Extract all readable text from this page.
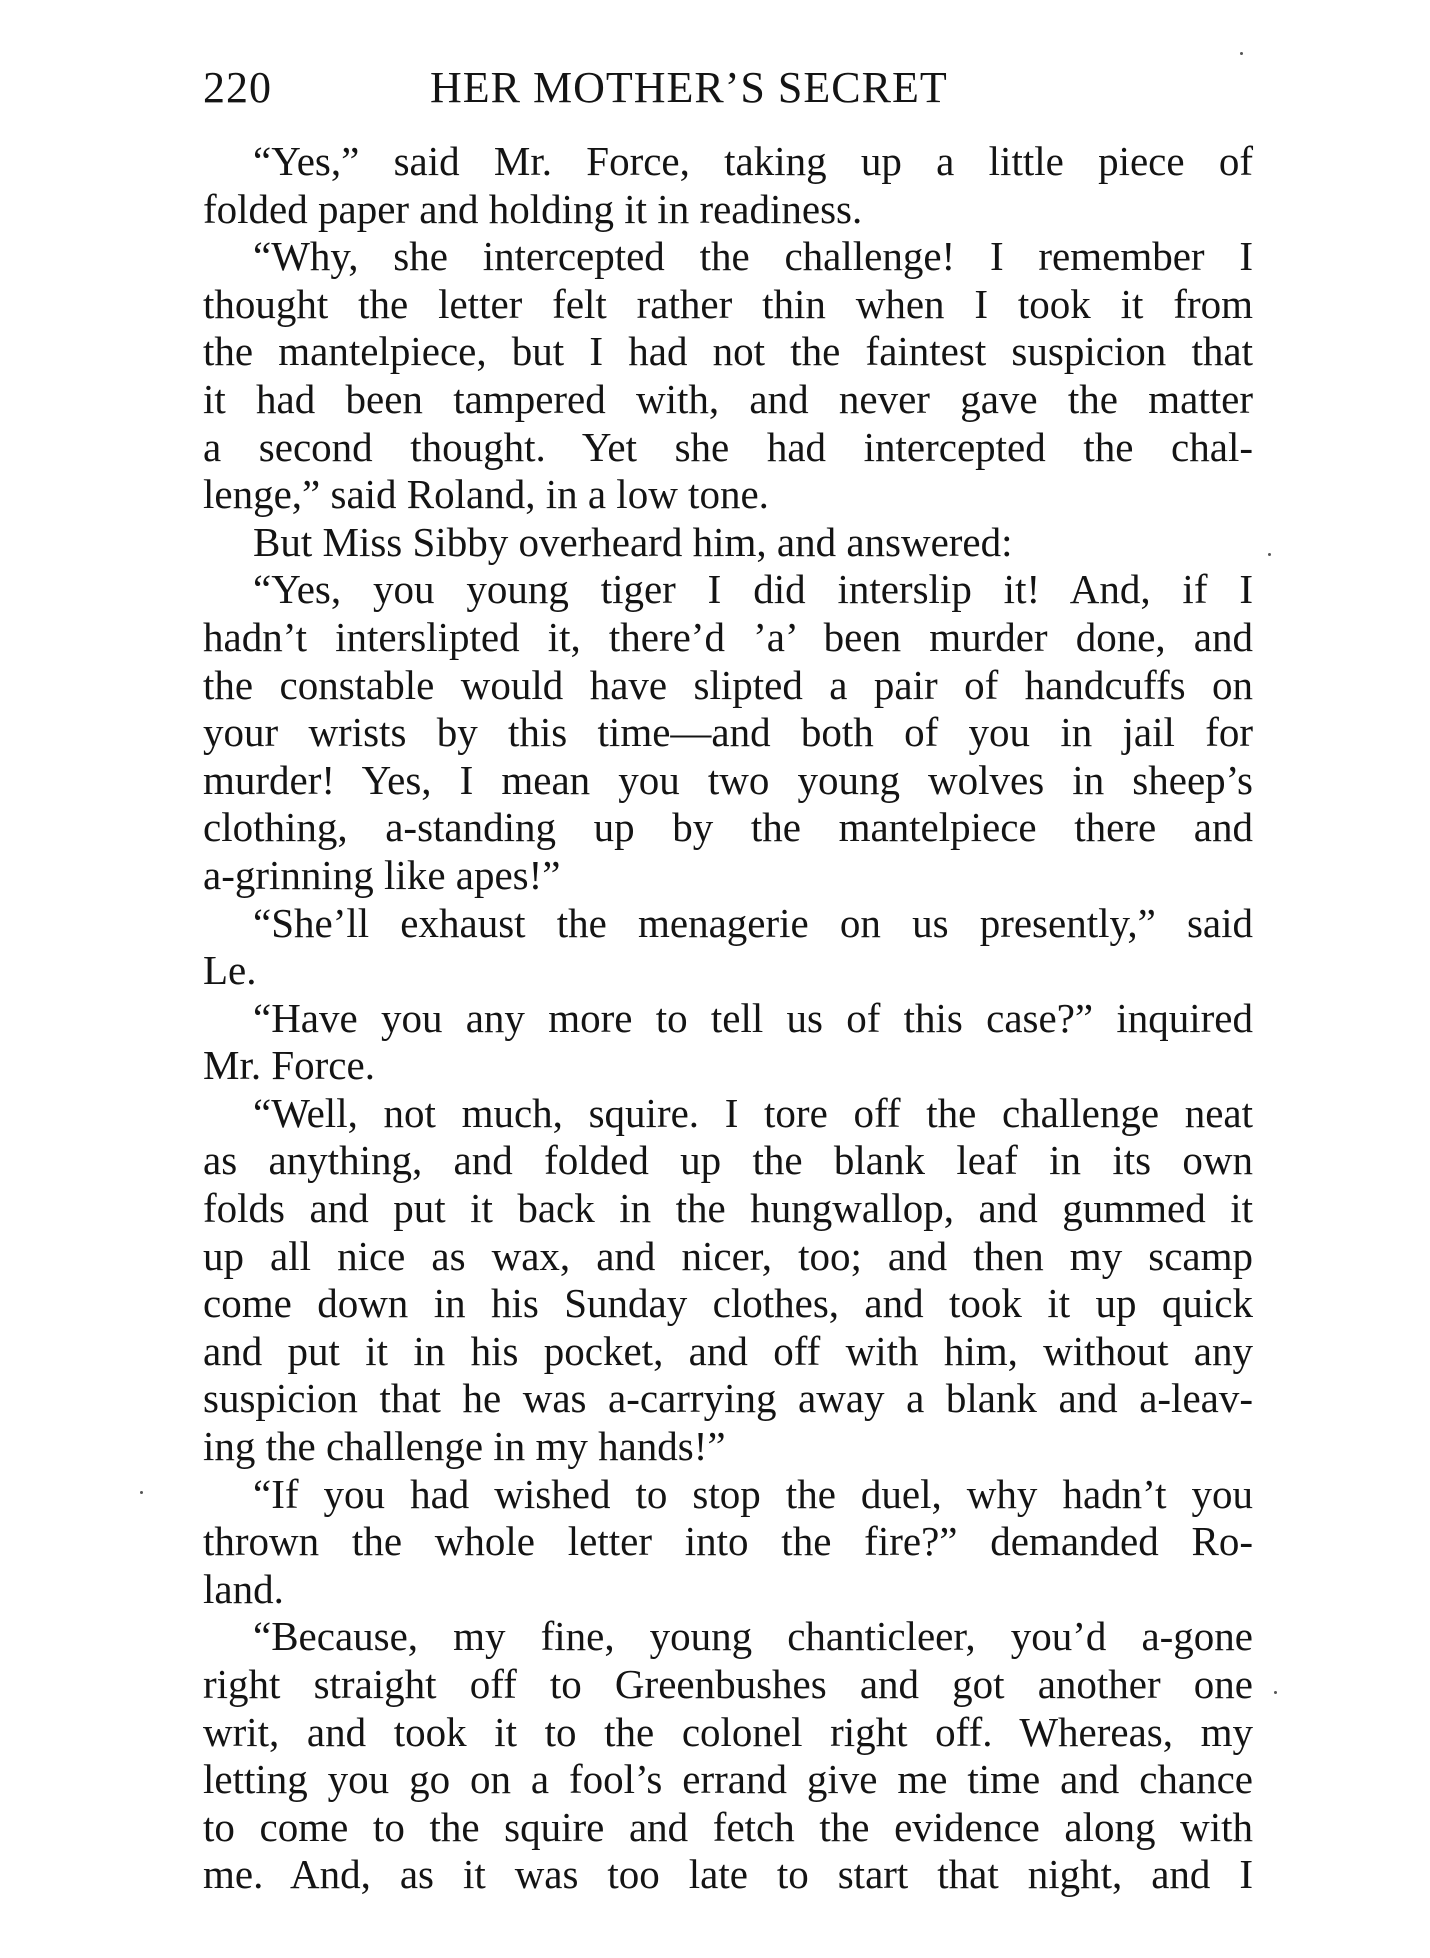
220	HER MOTHER’S SECRET
“Yes,” said Mr. Force, taking up a little piece of
folded paper and holding it in readiness.
“Why, she intercepted the challenge! I remember I
thought the letter felt rather thin when I took it from
the mantelpiece, but I had not the faintest suspicion that
it had been tampered with, and never gave the matter
a second thought. Yet she had intercepted the chal-
lenge,” said Roland, in a low tone.
But Miss Sibby overheard him, and answered:
“Yes, you young tiger I did interslip it! And, if I
hadn’t interslipted it, there’d ’a’ been murder done, and
the constable would have slipted a pair of handcuffs on
your wrists by this time—and both of you in jail for
murder! Yes, I mean you two young wolves in sheep’s
clothing, a-standing up by the mantelpiece there and
a-grinning like apes!”
“She’ll exhaust the menagerie on us presently,” said
Le.
“Have you any more to tell us of this case?” inquired
Mr. Force.
“Well, not much, squire. I tore off the challenge neat
as anything, and folded up the blank leaf in its own
folds and put it back in the hungwallop, and gummed it
up all nice as wax, and nicer, too; and then my scamp
come down in his Sunday clothes, and took it up quick
and put it in his pocket, and off with him, without any
suspicion that he was a-carrying away a blank and a-leav-
ing the challenge in my hands!”
“If you had wished to stop the duel, why hadn’t you
thrown the whole letter into the fire?” demanded Ro-
land.
“Because, my fine, young chanticleer, you’d a-gone
right straight off to Greenbushes and got another one
writ, and took it to the colonel right off. Whereas, my
letting you go on a fool’s errand give me time and chance
to come to the squire and fetch the evidence along with
me. And, as it was too late to start that night, and I
